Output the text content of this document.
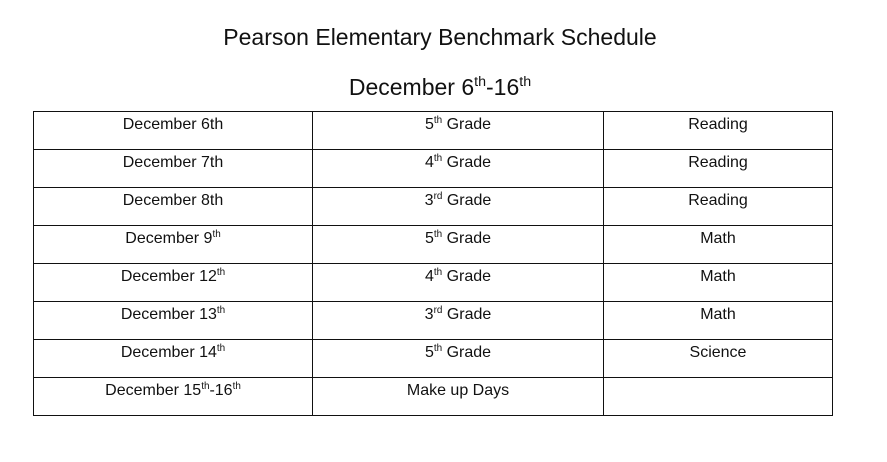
Pearson Elementary Benchmark Schedule
December 6th-16th
December 6th	5th Grade	Reading
December 7th	4th Grade	Reading
December 8th	3rd Grade	Reading
December 9th	5th Grade	Math
December 12th	4th Grade	Math
December 13th	3rd Grade	Math
December 14th	5th Grade	Science
December 15th-16th	Make up Days	
